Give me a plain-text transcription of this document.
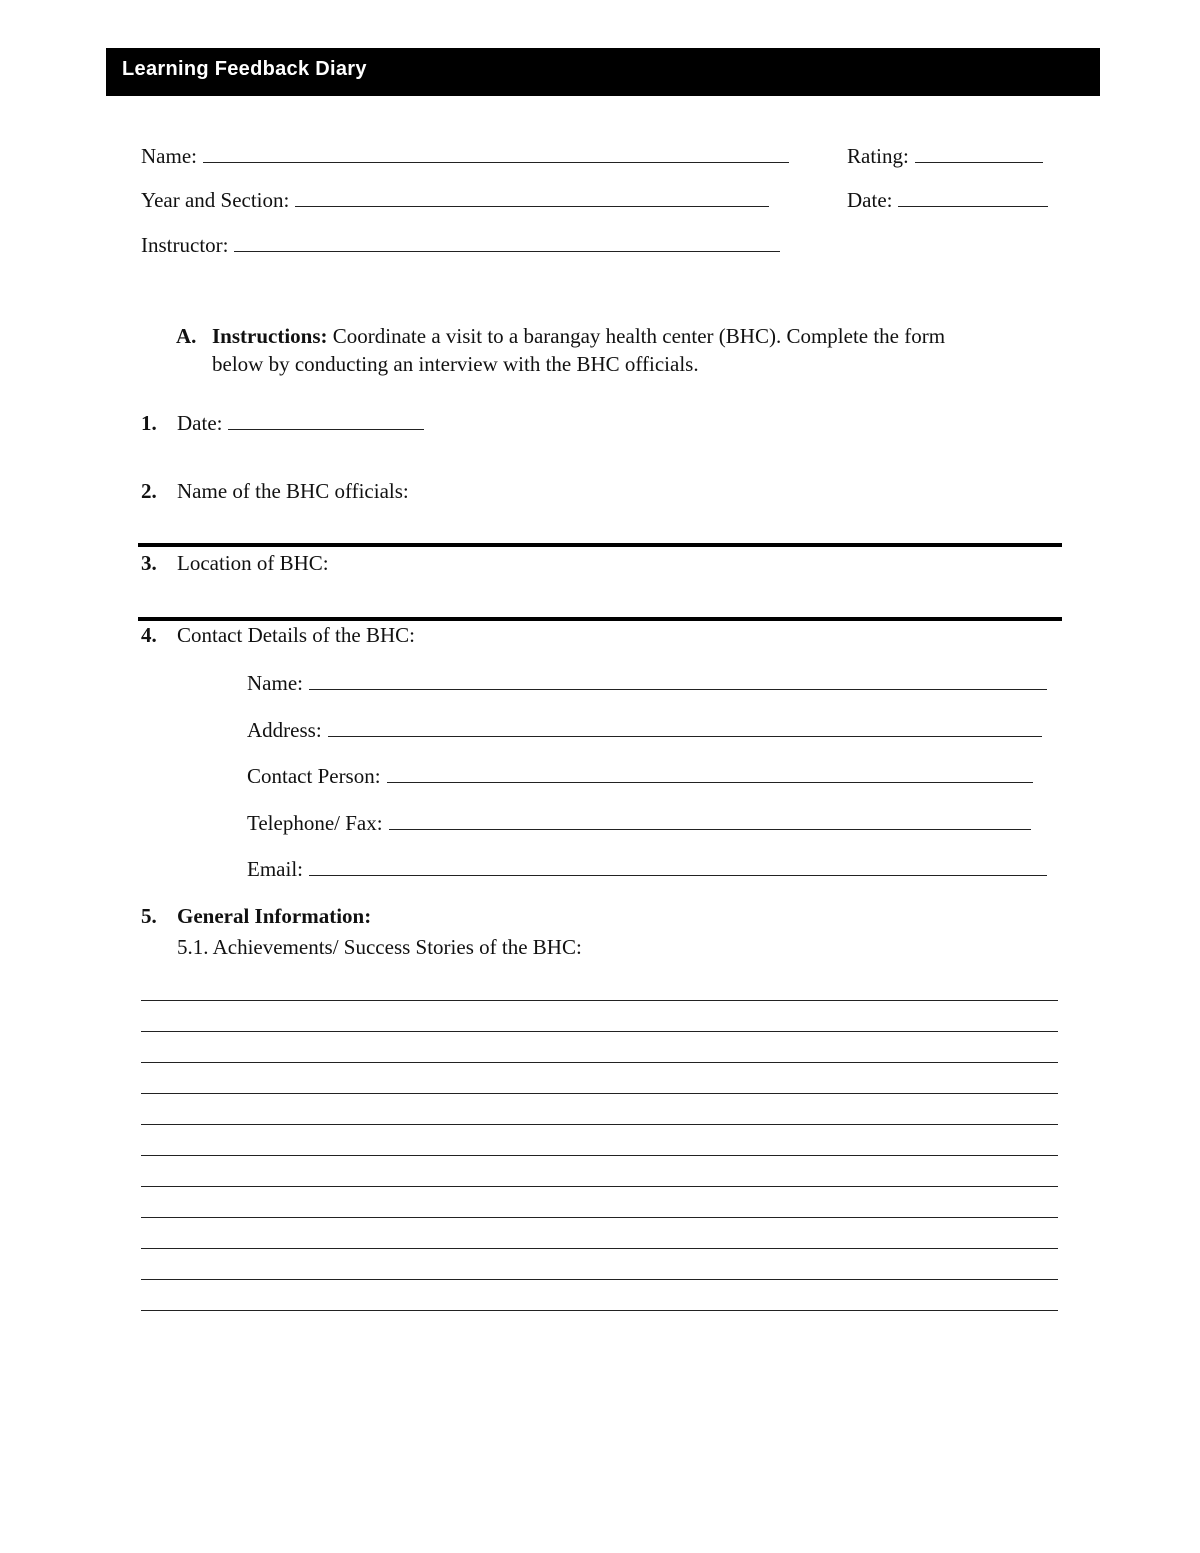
Learning Feedback Diary
Name:	Rating:
Year and Section:	Date:
Instructor:
A. Instructions: Coordinate a visit to a barangay health center (BHC). Complete the form
below by conducting an interview with the BHC officials.
1. Date:
2. Name of the BHC officials:
3. Location of BHC:
4. Contact Details of the BHC:
Name:
Address:
Contact Person:
Telephone/ Fax:
Email:
5. General Information:
5.1. Achievements/ Success Stories of the BHC:
